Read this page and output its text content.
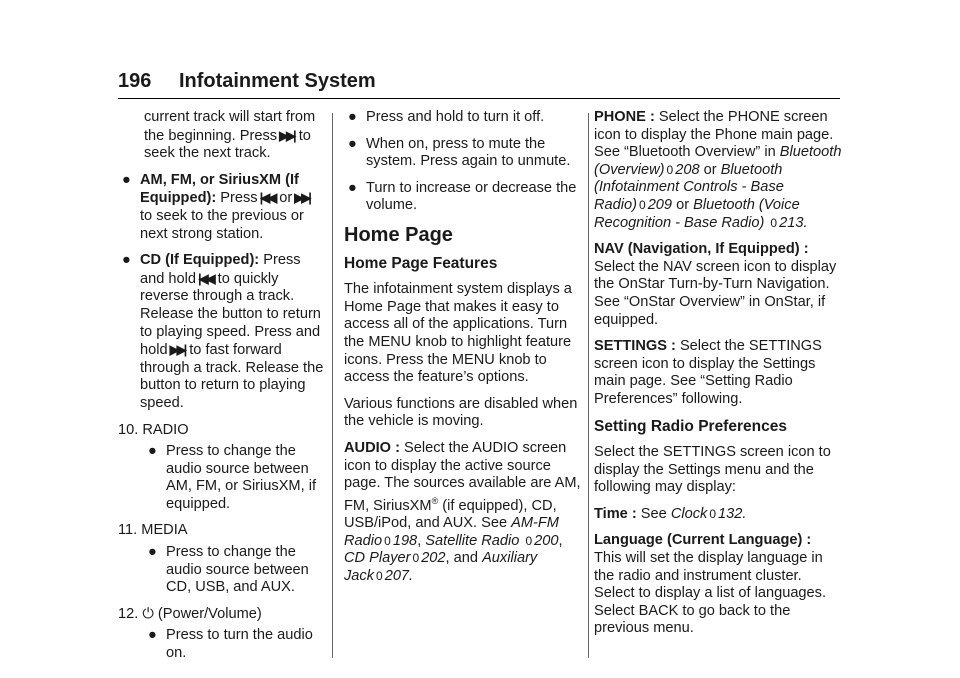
196 Infotainment System

current track will start from
the beginning. Press ▶▶| to
seek the next track.

● AM, FM, or SiriusXM (If Equipped): Press |◀◀ or ▶▶| to seek to the previous or next strong station.

● CD (If Equipped): Press and hold |◀◀ to quickly reverse through a track. Release the button to return to playing speed. Press and hold ▶▶| to fast forward through a track. Release the button to return to playing speed.

10. RADIO

● Press to change the audio source between AM, FM, or SiriusXM, if equipped.

11. MEDIA

● Press to change the audio source between CD, USB, and AUX.

12. ⏻ (Power/Volume)

● Press to turn the audio on.

● Press and hold to turn it off.

● When on, press to mute the system. Press again to unmute.

● Turn to increase or decrease the volume.

Home Page
Home Page Features

The infotainment system displays a Home Page that makes it easy to access all of the applications. Turn the MENU knob to highlight feature icons. Press the MENU knob to access the feature’s options.

Various functions are disabled when the vehicle is moving.

AUDIO : Select the AUDIO screen icon to display the active source page. The sources available are AM, FM, SiriusXM® (if equipped), CD, USB/iPod, and AUX. See AM-FM Radio 0 198, Satellite Radio 0 200, CD Player 0 202, and Auxiliary Jack 0 207.

PHONE : Select the PHONE screen icon to display the Phone main page. See “Bluetooth Overview” in Bluetooth (Overview) 0 208 or Bluetooth (Infotainment Controls - Base Radio) 0 209 or Bluetooth (Voice Recognition - Base Radio) 0 213.

NAV (Navigation, If Equipped) :
Select the NAV screen icon to display the OnStar Turn-by-Turn Navigation. See “OnStar Overview” in OnStar, if equipped.

SETTINGS : Select the SETTINGS screen icon to display the Settings main page. See “Setting Radio Preferences” following.

Setting Radio Preferences

Select the SETTINGS screen icon to display the Settings menu and the following may display:

Time : See Clock 0 132.

Language (Current Language) :
This will set the display language in the radio and instrument cluster. Select to display a list of languages. Select BACK to go back to the previous menu.
